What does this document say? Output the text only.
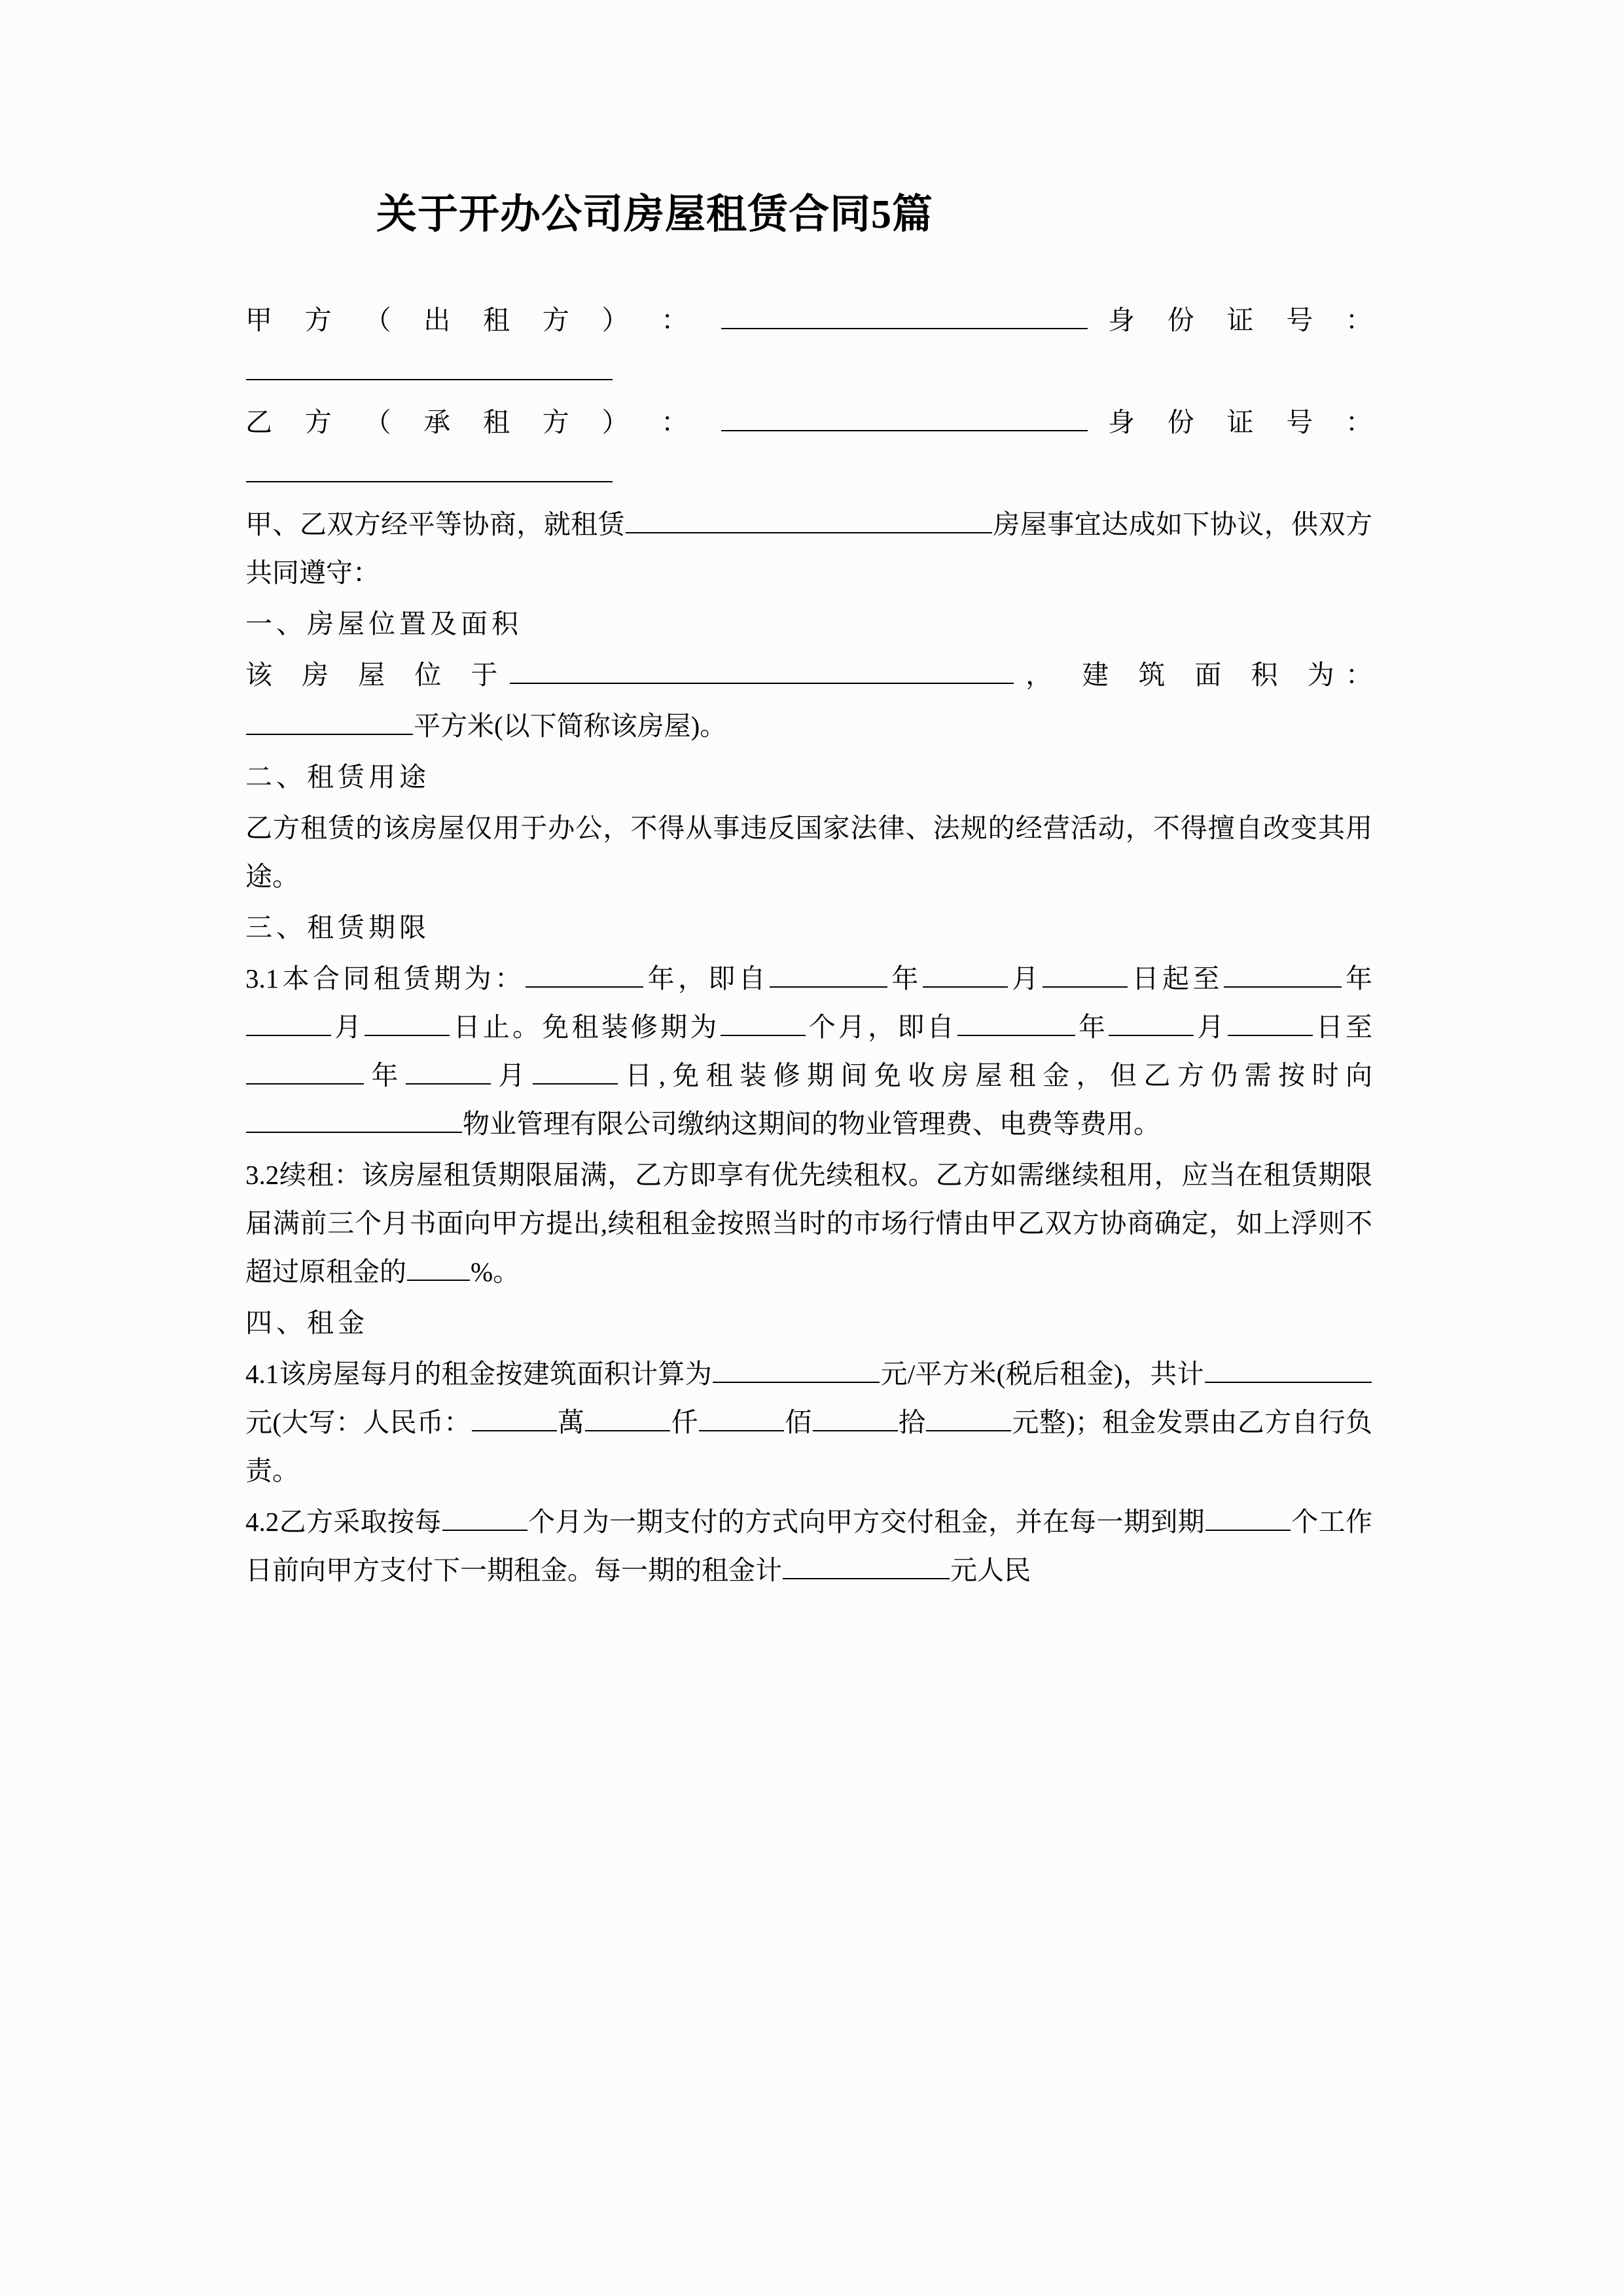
关于开办公司房屋租赁合同5篇

甲 方 （ 出 租 方 ） ：	身 份 证 号 ：

乙 方 （ 承 租 方 ） ：	身 份 证 号 ：

甲、乙双方经平等协商，就租赁	房屋事宜达成如下协议，供双方共同遵守：

一、房屋位置及面积

该 房 屋 位 于	， 建 筑 面 积 为：

平方米(以下简称该房屋)。

二、租赁用途

乙方租赁的该房屋仅用于办公，不得从事违反国家法律、法规的经营活动，不得擅自改变其用途。

三、租赁期限

3.1本合同租赁期为：	年，即自	年	月	日起至	年月	日止。免租装修期为	个月，即自	年	月	日至年	月	日,免租装修期间免收房屋租金，但乙方仍需按时向物业管理有限公司缴纳这期间的物业管理费、电费等费用。

3.2续租：该房屋租赁期限届满，乙方即享有优先续租权。乙方如需继续租用，应当在租赁期限届满前三个月书面向甲方提出,续租租金按照当时的市场行情由甲乙双方协商确定，如上浮则不超过原租金的 %。

四、租金

4.1该房屋每月的租金按建筑面积计算为	元/平方米(税后租金)，共计元(大写：人民币：	萬	仟	佰	拾	元整)；租金发票由乙方自行负责。

4.2乙方采取按每	个月为一期支付的方式向甲方交付租金，并在每一期到期	个工作日前向甲方支付下一期租金。每一期的租金计	元人民
